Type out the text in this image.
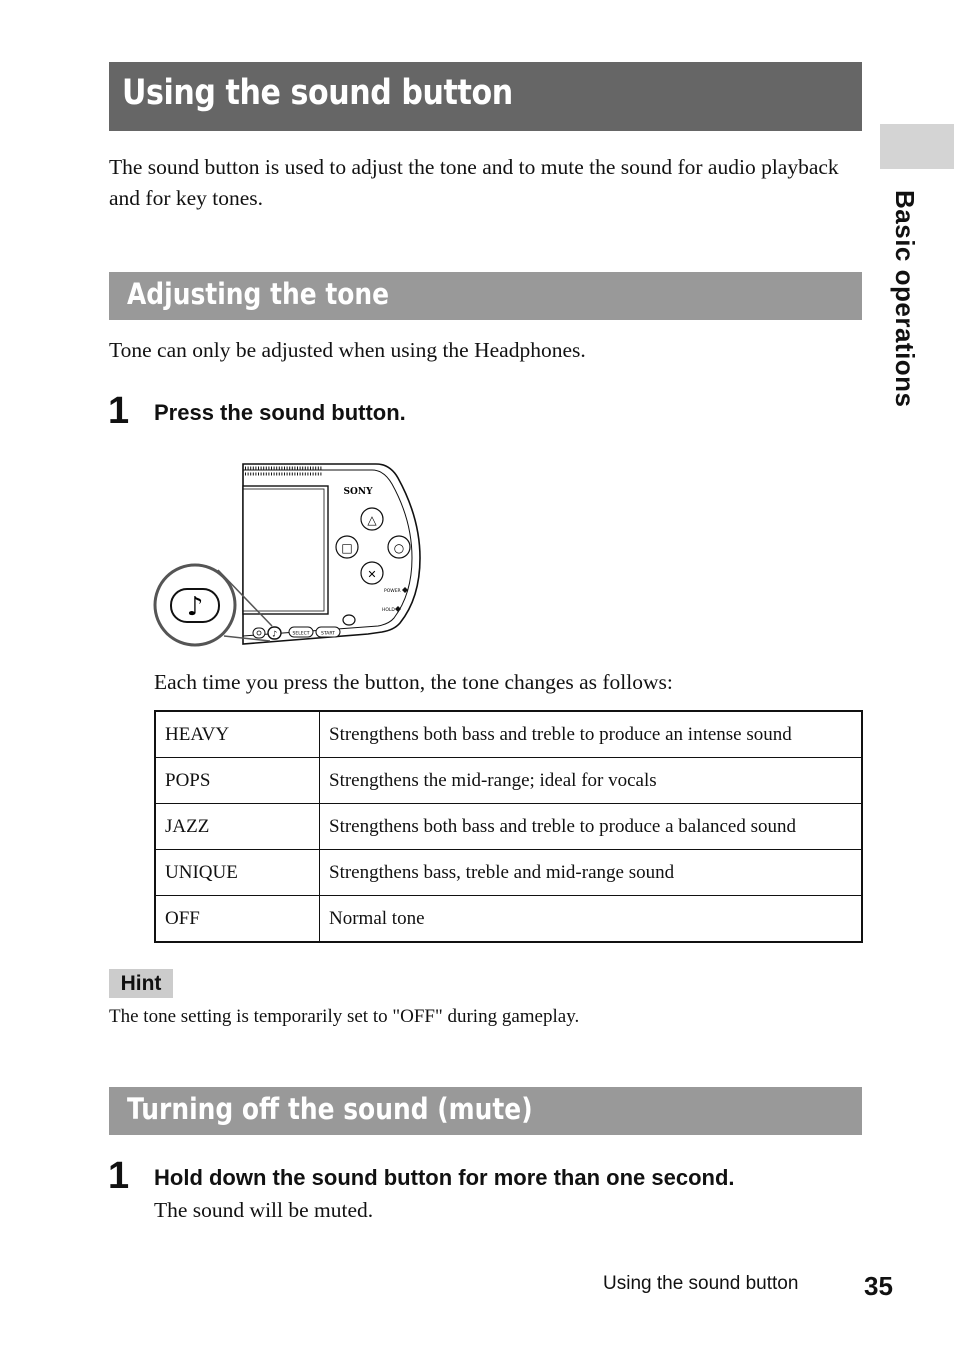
Using the sound button
Basic operations
The sound button is used to adjust the tone and to mute the sound for audio playback and for key tones.
Adjusting the tone
Tone can only be adjusted when using the Headphones.
1 Press the sound button.
SONY
△
□	○
✕
POWER
HOLD
♪	SELECT	START
♪
Each time you press the button, the tone changes as follows:
HEAVY	Strengthens both bass and treble to produce an intense sound
POPS	Strengthens the mid-range; ideal for vocals
JAZZ	Strengthens both bass and treble to produce a balanced sound
UNIQUE	Strengthens bass, treble and mid-range sound
OFF	Normal tone
Hint
The tone setting is temporarily set to "OFF" during gameplay.
Turning off the sound (mute)
1 Hold down the sound button for more than one second.
The sound will be muted.
Using the sound button	35
